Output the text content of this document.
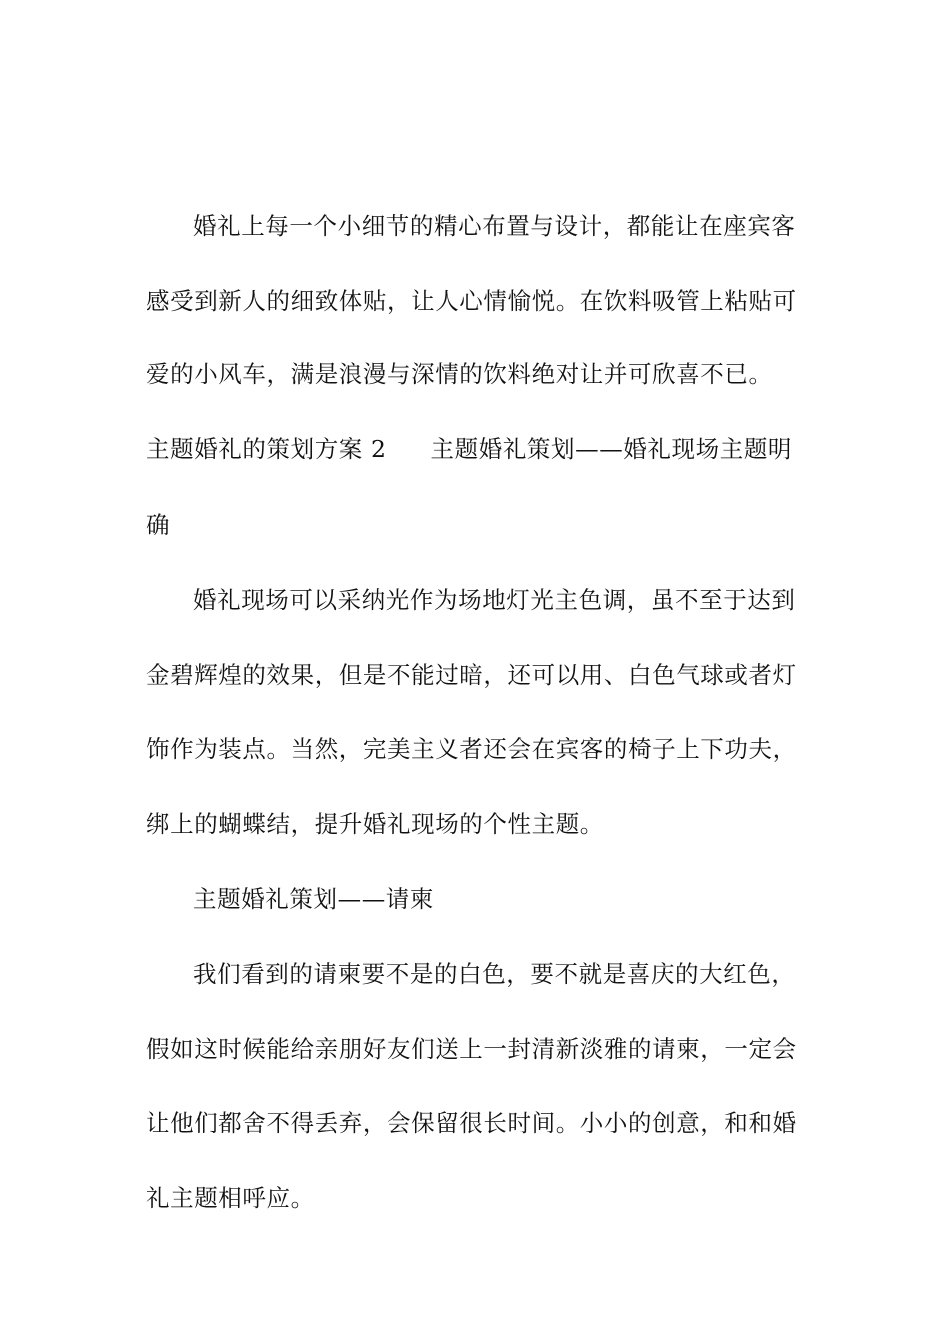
婚礼上每一个小细节的精心布置与设计，都能让在座宾客
感受到新人的细致体贴，让人心情愉悦。在饮料吸管上粘贴可
爱的小风车，满是浪漫与深情的饮料绝对让并可欣喜不已。
主题婚礼的策划方案 2 主题婚礼策划——婚礼现场主题明
确
婚礼现场可以采纳光作为场地灯光主色调，虽不至于达到
金碧辉煌的效果，但是不能过暗，还可以用、白色气球或者灯
饰作为装点。当然，完美主义者还会在宾客的椅子上下功夫，
绑上的蝴蝶结，提升婚礼现场的个性主题。
主题婚礼策划——请柬
我们看到的请柬要不是的白色，要不就是喜庆的大红色，
假如这时候能给亲朋好友们送上一封清新淡雅的请柬，一定会
让他们都舍不得丢弃，会保留很长时间。小小的创意，和和婚
礼主题相呼应。
